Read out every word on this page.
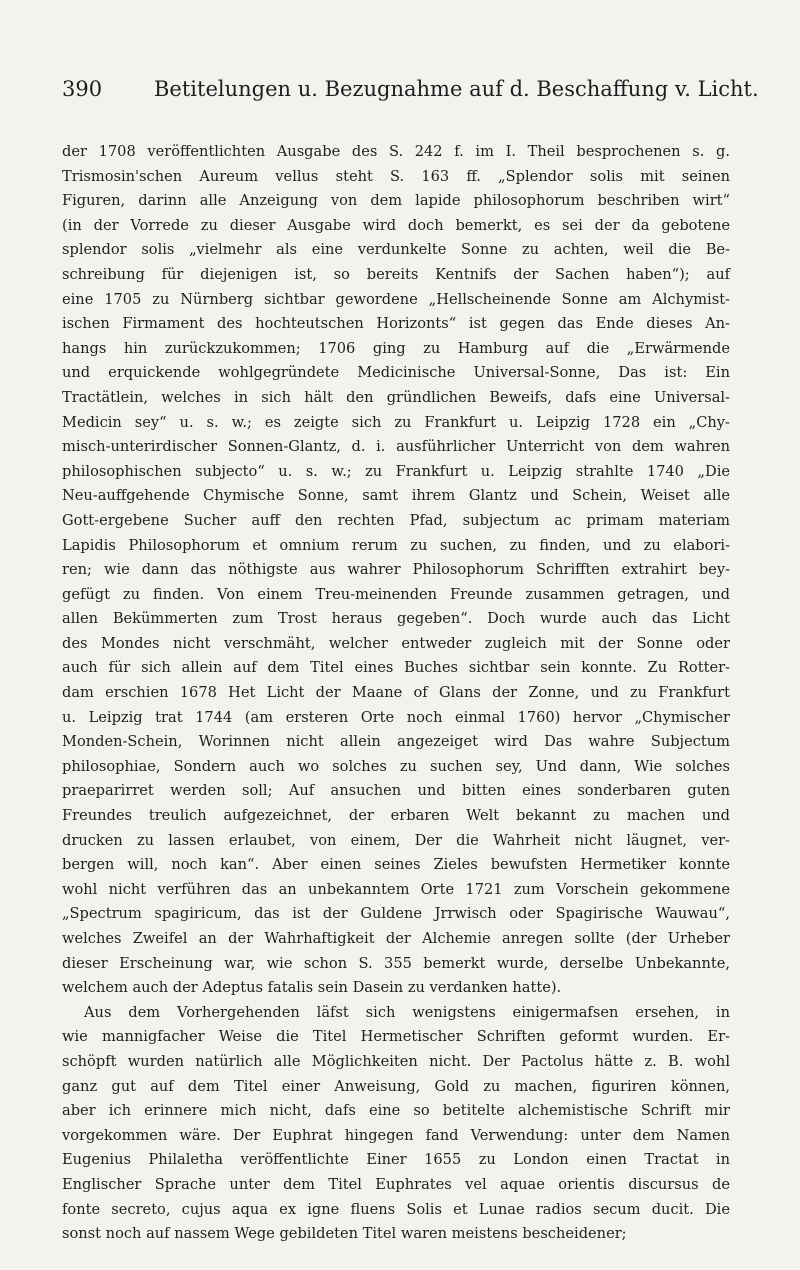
390 Betitelungen u. Bezugnahme auf d. Beschaffung v. Licht.
der 1708 veröffentlichten Ausgabe des S. 242 f. im I. Theil besprochenen s. g.
Trismosin'schen Aureum vellus steht S. 163 ff. „Splendor solis mit seinen
Figuren, darinn alle Anzeigung von dem lapide philosophorum beschriben wirt“
(in der Vorrede zu dieser Ausgabe wird doch bemerkt, es sei der da gebotene
splendor solis „vielmehr als eine verdunkelte Sonne zu achten, weil die Be-
schreibung für diejenigen ist, so bereits Kentnifs der Sachen haben“); auf
eine 1705 zu Nürnberg sichtbar gewordene „Hellscheinende Sonne am Alchymist-
ischen Firmament des hochteutschen Horizonts“ ist gegen das Ende dieses An-
hangs hin zurückzukommen; 1706 ging zu Hamburg auf die „Erwärmende
und erquickende wohlgegründete Medicinische Universal-Sonne, Das ist: Ein
Tractätlein, welches in sich hält den gründlichen Beweifs, dafs eine Universal-
Medicin sey“ u. s. w.; es zeigte sich zu Frankfurt u. Leipzig 1728 ein „Chy-
misch-unterirdischer Sonnen-Glantz, d. i. ausführlicher Unterricht von dem wahren
philosophischen subjecto“ u. s. w.; zu Frankfurt u. Leipzig strahlte 1740 „Die
Neu-auffgehende Chymische Sonne, samt ihrem Glantz und Schein, Weiset alle
Gott-ergebene Sucher auff den rechten Pfad, subjectum ac primam materiam
Lapidis Philosophorum et omnium rerum zu suchen, zu finden, und zu elabori-
ren; wie dann das nöthigste aus wahrer Philosophorum Schrifften extrahirt bey-
gefügt zu finden. Von einem Treu-meinenden Freunde zusammen getragen, und
allen Bekümmerten zum Trost heraus gegeben“. Doch wurde auch das Licht
des Mondes nicht verschmäht, welcher entweder zugleich mit der Sonne oder
auch für sich allein auf dem Titel eines Buches sichtbar sein konnte. Zu Rotter-
dam erschien 1678 Het Licht der Maane of Glans der Zonne, und zu Frankfurt
u. Leipzig trat 1744 (am ersteren Orte noch einmal 1760) hervor „Chymischer
Monden-Schein, Worinnen nicht allein angezeiget wird Das wahre Subjectum
philosophiae, Sondern auch wo solches zu suchen sey, Und dann, Wie solches
praeparirret werden soll; Auf ansuchen und bitten eines sonderbaren guten
Freundes treulich aufgezeichnet, der erbaren Welt bekannt zu machen und
drucken zu lassen erlaubet, von einem, Der die Wahrheit nicht läugnet, ver-
bergen will, noch kan“. Aber einen seines Zieles bewufsten Hermetiker konnte
wohl nicht verführen das an unbekanntem Orte 1721 zum Vorschein gekommene
„Spectrum spagiricum, das ist der Guldene Jrrwisch oder Spagirische Wauwau“,
welches Zweifel an der Wahrhaftigkeit der Alchemie anregen sollte (der Urheber
dieser Erscheinung war, wie schon S. 355 bemerkt wurde, derselbe Unbekannte,
welchem auch der Adeptus fatalis sein Dasein zu verdanken hatte).
Aus dem Vorhergehenden läfst sich wenigstens einigermafsen ersehen, in
wie mannigfacher Weise die Titel Hermetischer Schriften geformt wurden. Er-
schöpft wurden natürlich alle Möglichkeiten nicht. Der Pactolus hätte z. B. wohl
ganz gut auf dem Titel einer Anweisung, Gold zu machen, figuriren können,
aber ich erinnere mich nicht, dafs eine so betitelte alchemistische Schrift mir
vorgekommen wäre. Der Euphrat hingegen fand Verwendung: unter dem Namen
Eugenius Philaletha veröffentlichte Einer 1655 zu London einen Tractat in
Englischer Sprache unter dem Titel Euphrates vel aquae orientis discursus de
fonte secreto, cujus aqua ex igne fluens Solis et Lunae radios secum ducit. Die
sonst noch auf nassem Wege gebildeten Titel waren meistens bescheidener;
